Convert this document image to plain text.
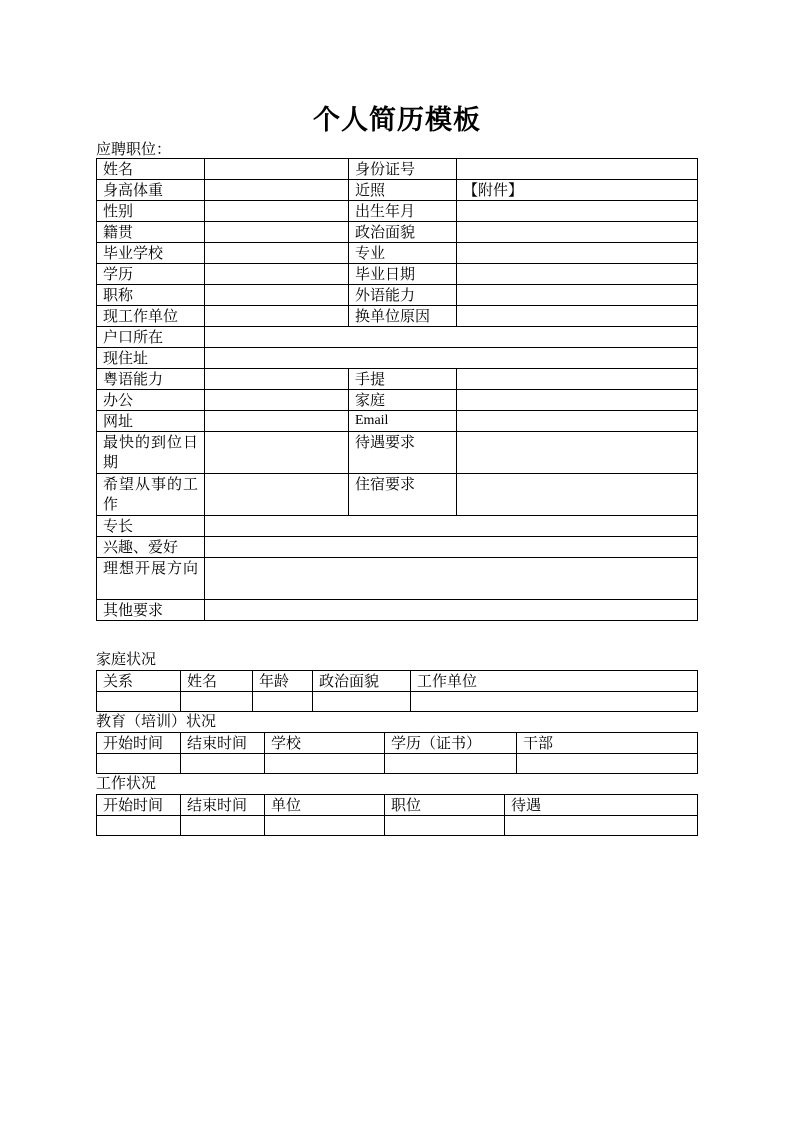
个人简历模板
应聘职位：
姓名		身份证号	
身高体重		近照	【附件】
性别		出生年月	
籍贯		政治面貌	
毕业学校		专业	
学历		毕业日期	
职称		外语能力	
现工作单位		换单位原因	
户口所在			
现住址			
粤语能力		手提	
办公		家庭	
网址		Email	
最快的到位日期		待遇要求	
希望从事的工作		住宿要求	
专长			
兴趣、爱好			
理想开展方向			
其他要求			
家庭状况
关系	姓名	年龄	政治面貌	工作单位

教育（培训）状况
开始时间	结束时间	学校	学历（证书）	干部

工作状况
开始时间	结束时间	单位	职位	待遇
